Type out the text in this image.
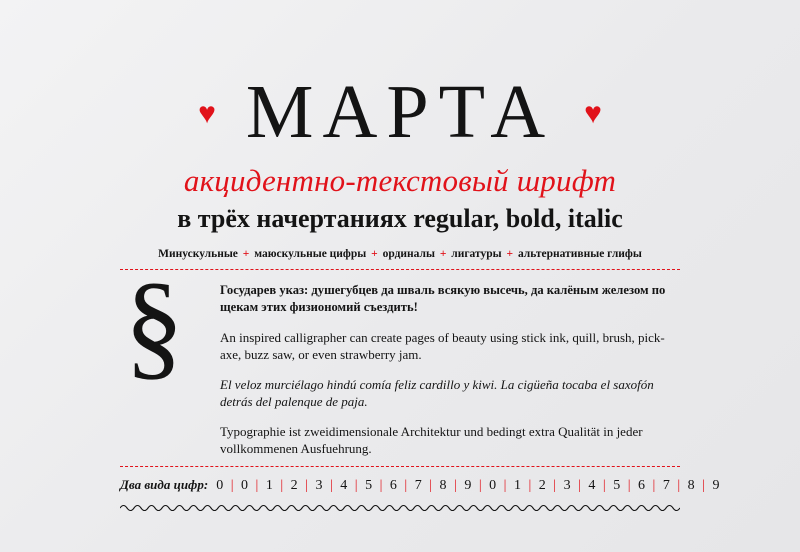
♥ МАРТА ♥
акцидентно-текстовый шрифт
в трёх начертаниях regular, bold, italic
Минускульные + маюскульные цифры + ординалы + лигатуры + альтернативные глифы
§	Государев указ: душегубцев да шваль всякую высечь, да калёным железом по щекам этих физиономий съездить!

An inspired calligrapher can create pages of beauty using stick ink, quill, brush, pick-axe, buzz saw, or even strawberry jam.

El veloz murciélago hindú comía feliz cardillo y kiwi. La cigüeña tocaba el saxofón detrás del palenque de paja.

Typographie ist zweidimensionale Architektur und bedingt extra Qualität in jeder vollkommenen Ausfuehrung.

Два вида цифр: 0 | 0 | 1 | 2 | 3 | 4 | 5 | 6 | 7 | 8 | 9 | 0 | 1 | 2 | 3 | 4 | 5 | 6 | 7 | 8 | 9
